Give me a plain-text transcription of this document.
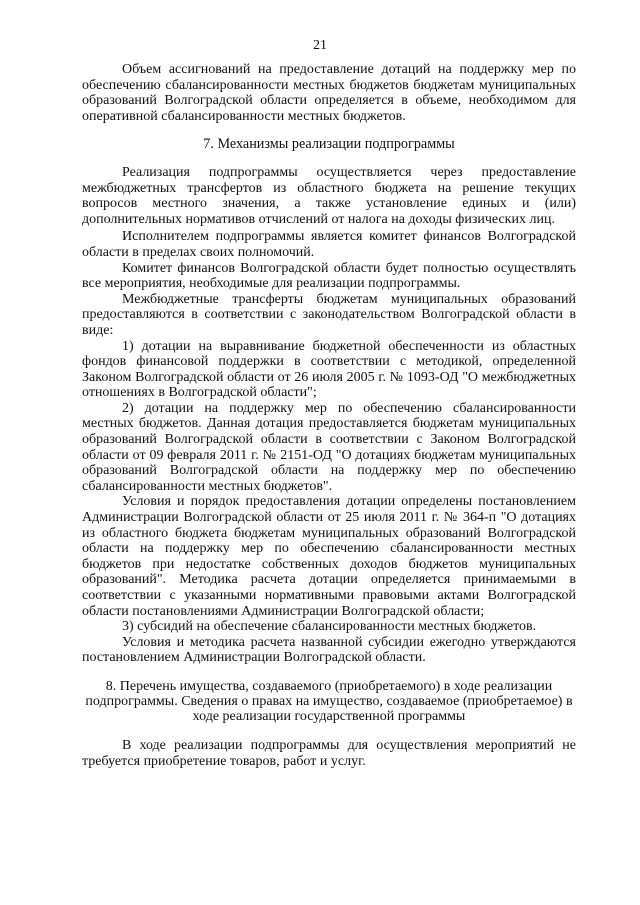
21

Объем ассигнований на предоставление дотаций на поддержку мер по обеспечению сбалансированности местных бюджетов бюджетам муниципальных образований Волгоградской области определяется в объеме, необходимом для оперативной сбалансированности местных бюджетов.

7. Механизмы реализации подпрограммы

Реализация подпрограммы осуществляется через предоставление межбюджетных трансфертов из областного бюджета на решение текущих вопросов местного значения, а также установление единых и (или) дополнительных нормативов отчислений от налога на доходы физических лиц.

Исполнителем подпрограммы является комитет финансов Волгоградской области в пределах своих полномочий.

Комитет финансов Волгоградской области будет полностью осуществлять все мероприятия, необходимые для реализации подпрограммы.

Межбюджетные трансферты бюджетам муниципальных образований предоставляются в соответствии с законодательством Волгоградской области в виде:

1) дотации на выравнивание бюджетной обеспеченности из областных фондов финансовой поддержки в соответствии с методикой, определенной Законом Волгоградской области от 26 июля 2005 г. № 1093-ОД "О межбюджетных отношениях в Волгоградской области";

2) дотации на поддержку мер по обеспечению сбалансированности местных бюджетов. Данная дотация предоставляется бюджетам муниципальных образований Волгоградской области в соответствии с Законом Волгоградской области от 09 февраля 2011 г. № 2151-ОД "О дотациях бюджетам муниципальных образований Волгоградской области на поддержку мер по обеспечению сбалансированности местных бюджетов".

Условия и порядок предоставления дотации определены постановлением Администрации Волгоградской области от 25 июля 2011 г. № 364-п "О дотациях из областного бюджета бюджетам муниципальных образований Волгоградской области на поддержку мер по обеспечению сбалансированности местных бюджетов при недостатке собственных доходов бюджетов муниципальных образований". Методика расчета дотации определяется принимаемыми в соответствии с указанными нормативными правовыми актами Волгоградской области постановлениями Администрации Волгоградской области;

3) субсидий на обеспечение сбалансированности местных бюджетов.

Условия и методика расчета названной субсидии ежегодно утверждаются постановлением Администрации Волгоградской области.

8. Перечень имущества, создаваемого (приобретаемого) в ходе реализации подпрограммы. Сведения о правах на имущество, создаваемое (приобретаемое) в ходе реализации государственной программы

В ходе реализации подпрограммы для осуществления мероприятий не требуется приобретение товаров, работ и услуг.
